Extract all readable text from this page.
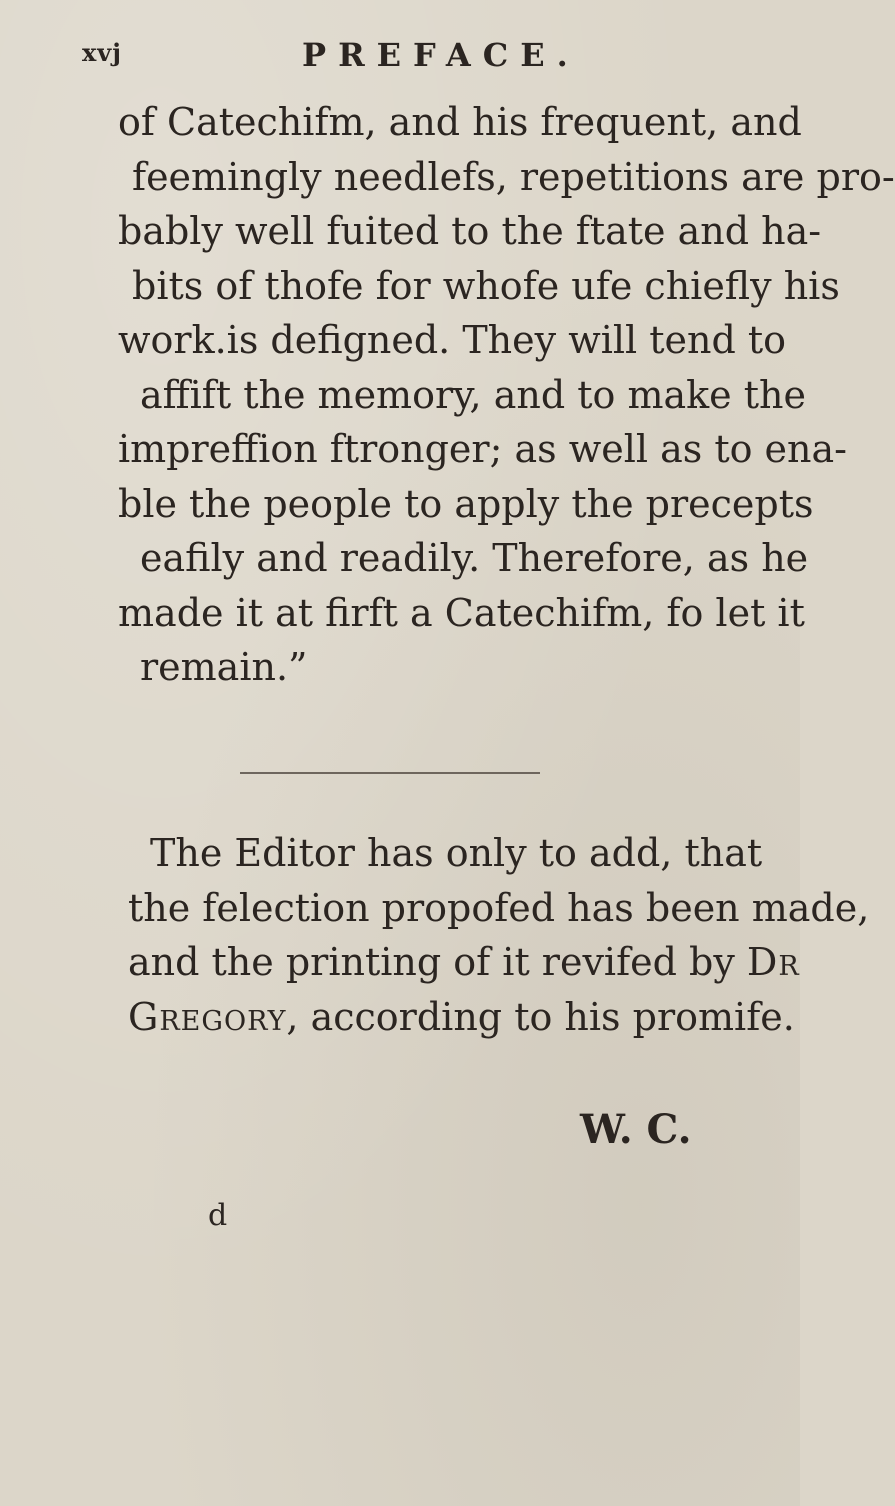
xvj	PREFACE.
of Catechifm, and his frequent, and
feemingly needlefs, repetitions are pro-
bably well fuited to the ftate and ha-
bits of thofe for whofe ufe chiefly his
work.is defigned. They will tend to
affift the memory, and to make the
impreffion ftronger; as well as to ena-
ble the people to apply the precepts
eafily and readily. Therefore, as he
made it at firft a Catechifm, fo let it
remain.”
The Editor has only to add, that
the felection propofed has been made,
and the printing of it revifed by Dr
Gregory, according to his promife.
W. C.
d
